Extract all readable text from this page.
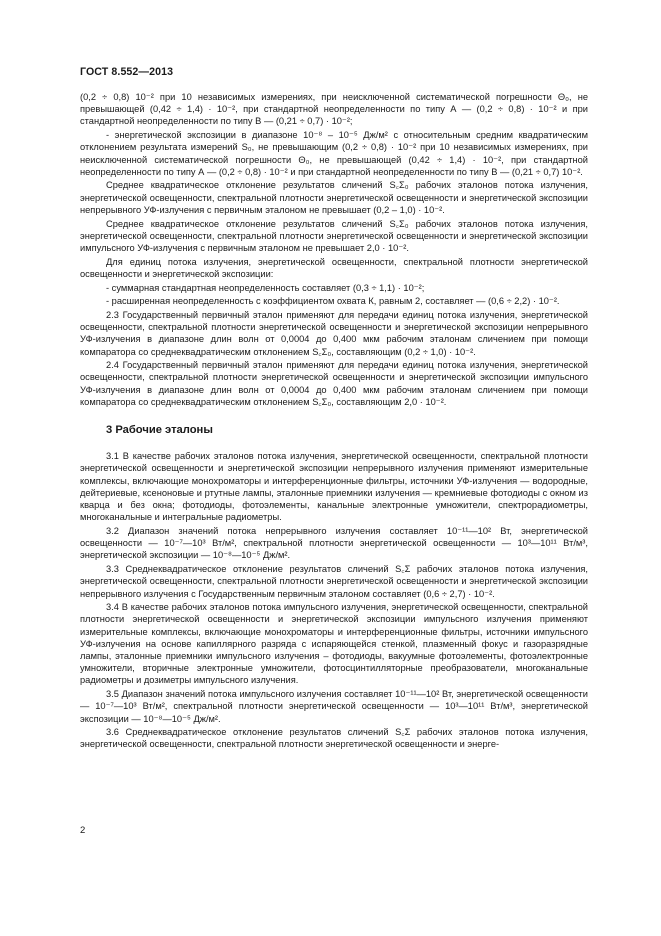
ГОСТ 8.552—2013

(0,2 ÷ 0,8) 10⁻² при 10 независимых измерениях, при неисключенной систематической погрешности Θ₀, не превышающей (0,42 ÷ 1,4) · 10⁻², при стандартной неопределенности по типу А — (0,2 ÷ 0,8) · 10⁻² и при стандартной неопределенности по типу В — (0,21 ÷ 0,7) · 10⁻²;

- энергетической экспозиции в диапазоне 10⁻⁸ – 10⁻⁵ Дж/м² с относительным средним квадратическим отклонением результата измерений S₀, не превышающим (0,2 ÷ 0,8) · 10⁻² при 10 независимых измерениях, при неисключенной систематической погрешности Θ₀, не превышающей (0,42 ÷ 1,4) · 10⁻², при стандартной неопределенности по типу А — (0,2 ÷ 0,8) · 10⁻² и при стандартной неопределенности по типу В — (0,21 ÷ 0,7) 10⁻².

Среднее квадратическое отклонение результатов сличений S꜀Σ₀ рабочих эталонов потока излучения, энергетической освещенности, спектральной плотности энергетической освещенности и энергетической экспозиции непрерывного УФ-излучения с первичным эталоном не превышает (0,2 – 1,0) · 10⁻².

Среднее квадратическое отклонение результатов сличений S꜀Σ₀ рабочих эталонов потока излучения, энергетической освещенности, спектральной плотности энергетической освещенности и энергетической экспозиции импульсного УФ-излучения с первичным эталоном не превышает 2,0 · 10⁻².

Для единиц потока излучения, энергетической освещенности, спектральной плотности энергетической освещенности и энергетической экспозиции:

- суммарная стандартная неопределенность составляет (0,3 ÷ 1,1) · 10⁻²;

- расширенная неопределенность с коэффициентом охвата К, равным 2, составляет — (0,6 ÷ 2,2) · 10⁻².

2.3 Государственный первичный эталон применяют для передачи единиц потока излучения, энергетической освещенности, спектральной плотности энергетической освещенности и энергетической экспозиции непрерывного УФ-излучения в диапазоне длин волн от 0,0004 до 0,400 мкм рабочим эталонам сличением при помощи компаратора со среднеквадратическим отклонением S꜀Σ₀, составляющим (0,2 ÷ 1,0) · 10⁻².

2.4 Государственный первичный эталон применяют для передачи единиц потока излучения, энергетической освещенности, спектральной плотности энергетической освещенности и энергетической экспозиции импульсного УФ-излучения в диапазоне длин волн от 0,0004 до 0,400 мкм рабочим эталонам сличением при помощи компаратора со среднеквадратическим отклонением S꜀Σ₀, составляющим 2,0 · 10⁻².

3 Рабочие эталоны

3.1 В качестве рабочих эталонов потока излучения, энергетической освещенности, спектральной плотности энергетической освещенности и энергетической экспозиции непрерывного излучения применяют измерительные комплексы, включающие монохроматоры и интерференционные фильтры, источники УФ-излучения — водородные, дейтериевые, ксеноновые и ртутные лампы, эталонные приемники излучения — кремниевые фотодиоды с окном из кварца и без окна; фотодиоды, фотоэлементы, канальные электронные умножители, спектрорадиометры, многоканальные и интегральные радиометры.

3.2 Диапазон значений потока непрерывного излучения составляет 10⁻¹¹—10² Вт, энергетической освещенности — 10⁻⁷—10³ Вт/м², спектральной плотности энергетической освещенности — 10³—10¹¹ Вт/м³, энергетической экспозиции — 10⁻⁸—10⁻⁵ Дж/м².

3.3 Среднеквадратическое отклонение результатов сличений S꜀Σ рабочих эталонов потока излучения, энергетической освещенности, спектральной плотности энергетической освещенности и энергетической экспозиции непрерывного излучения с Государственным первичным эталоном составляет (0,6 ÷ 2,7) · 10⁻².

3.4 В качестве рабочих эталонов потока импульсного излучения, энергетической освещенности, спектральной плотности энергетической освещенности и энергетической экспозиции импульсного излучения применяют измерительные комплексы, включающие монохроматоры и интерференционные фильтры, источники импульсного УФ-излучения на основе капиллярного разряда с испаряющейся стенкой, плазменный фокус и газоразрядные лампы, эталонные приемники импульсного излучения – фотодиоды, вакуумные фотоэлементы, фотоэлектронные умножители, вторичные электронные умножители, фотосцинтилляторные преобразователи, многоканальные радиометры и дозиметры импульсного излучения.

3.5 Диапазон значений потока импульсного излучения составляет 10⁻¹¹—10² Вт, энергетической освещенности — 10⁻⁷—10³ Вт/м², спектральной плотности энергетической освещенности — 10³—10¹¹ Вт/м³, энергетической экспозиции — 10⁻⁸—10⁻⁵ Дж/м².

3.6 Среднеквадратическое отклонение результатов сличений S꜀Σ рабочих эталонов потока излучения, энергетической освещенности, спектральной плотности энергетической освещенности и энерге-

2
